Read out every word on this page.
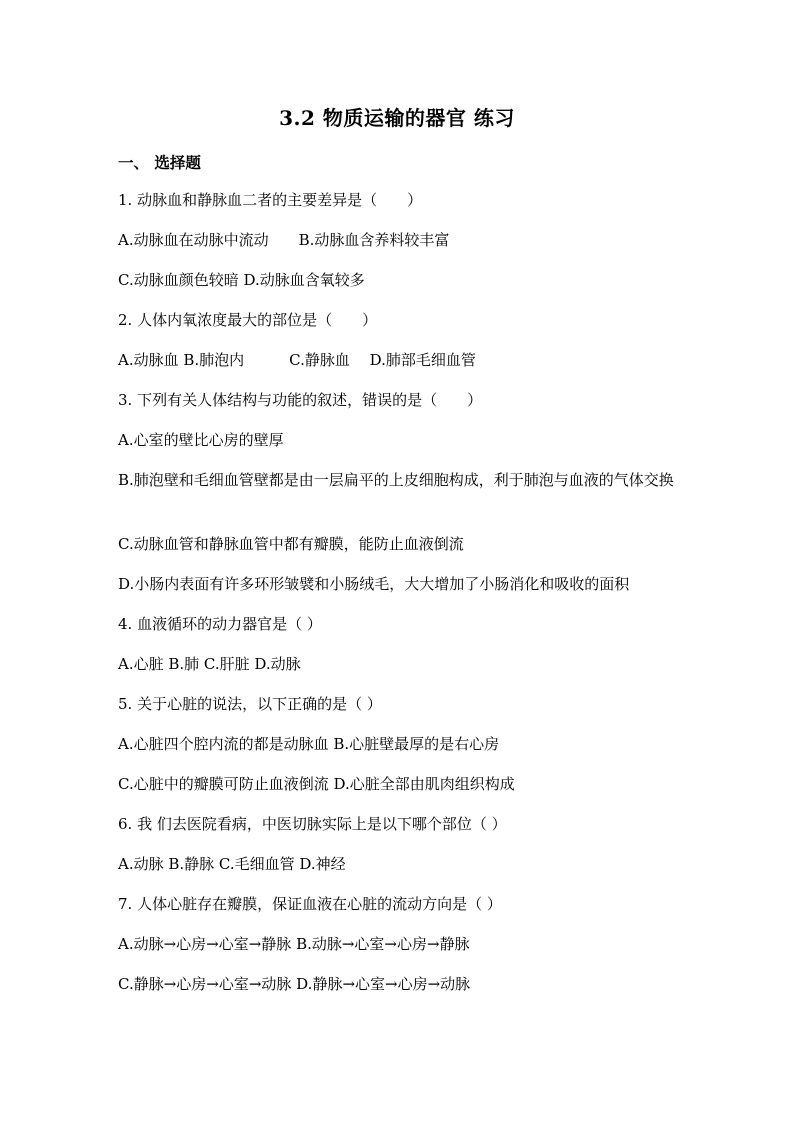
3.2 物质运输的器官 练习
一、 选择题
1. 动脉血和静脉血二者的主要差异是（　　）
A.动脉血在动脉中流动　　B.动脉血含养料较丰富
C.动脉血颜色较暗 D.动脉血含氧较多
2. 人体内氧浓度最大的部位是（　　）
A.动脉血 B.肺泡内　　　C.静脉血　 D.肺部毛细血管
3. 下列有关人体结构与功能的叙述，错误的是（　　）
A.心室的壁比心房的壁厚
B.肺泡壁和毛细血管壁都是由一层扁平的上皮细胞构成，利于肺泡与血液的气体交换
C.动脉血管和静脉血管中都有瓣膜，能防止血液倒流
D.小肠内表面有许多环形皱襞和小肠绒毛，大大增加了小肠消化和吸收的面积
4. 血液循环的动力器官是（ ）
A.心脏 B.肺 C.肝脏 D.动脉
5. 关于心脏的说法，以下正确的是（ ）
A.心脏四个腔内流的都是动脉血 B.心脏壁最厚的是右心房
C.心脏中的瓣膜可防止血液倒流 D.心脏全部由肌肉组织构成
6. 我 们去医院看病，中医切脉实际上是以下哪个部位（ ）
A.动脉 B.静脉 C.毛细血管 D.神经
7. 人体心脏存在瓣膜，保证血液在心脏的流动方向是（ ）
A.动脉→心房→心室→静脉 B.动脉→心室→心房→静脉
C.静脉→心房→心室→动脉 D.静脉→心室→心房→动脉
